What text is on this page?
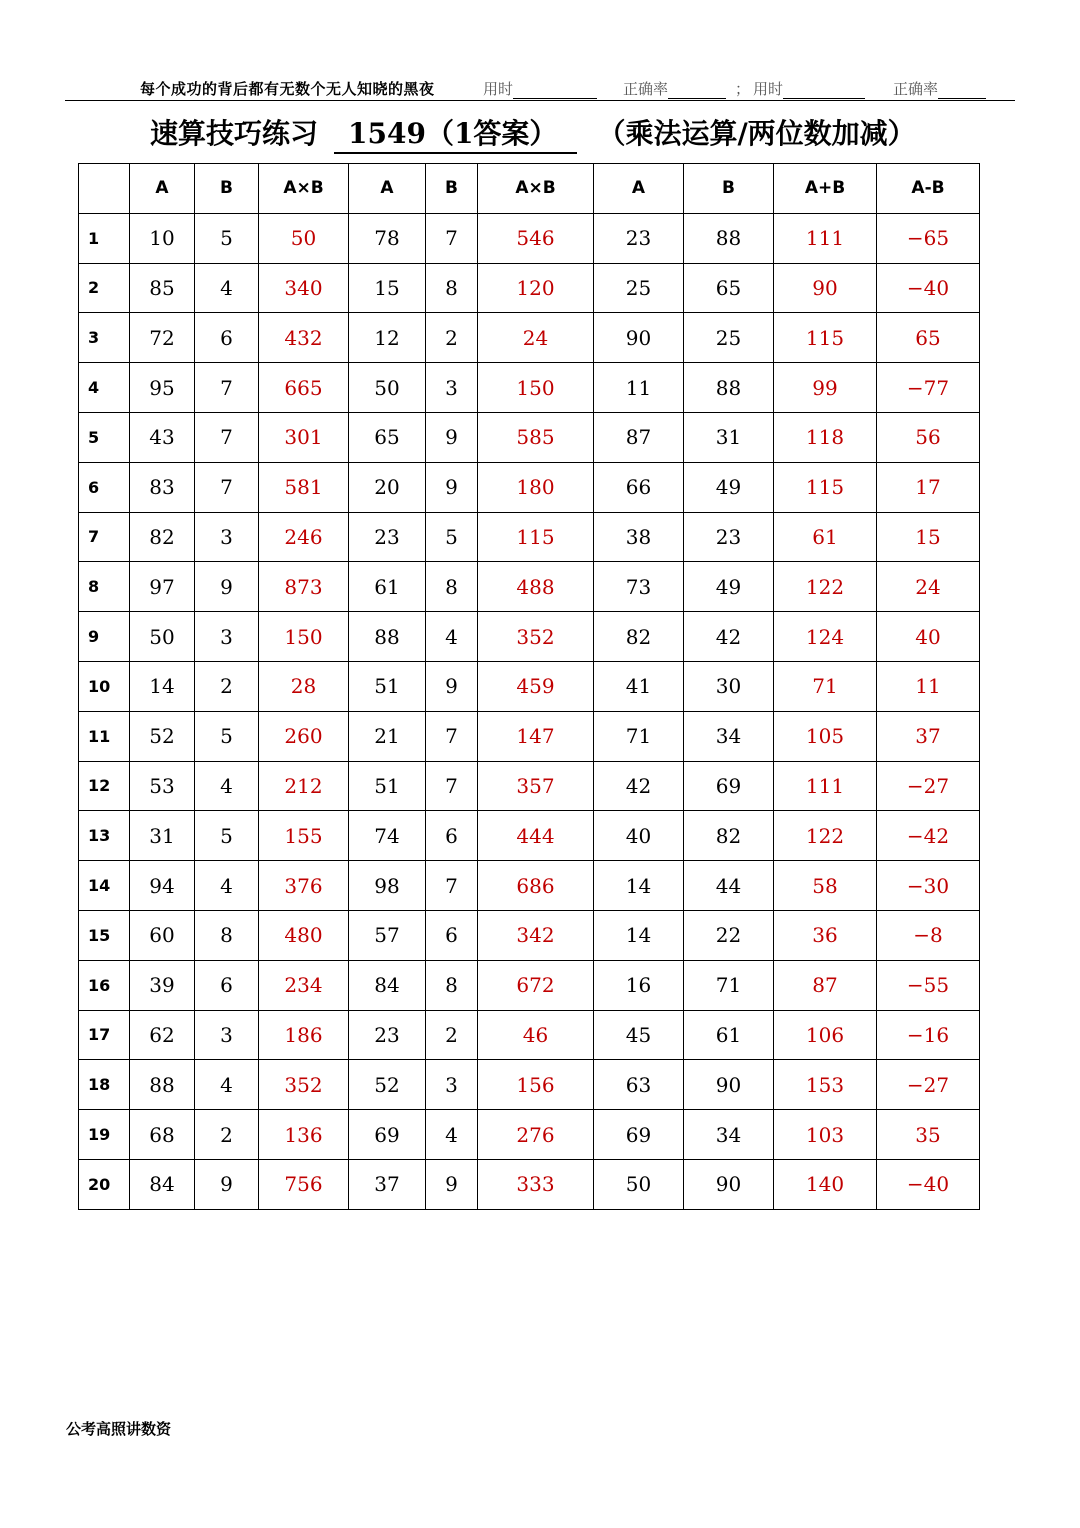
每个成功的背后都有无数个无人知晓的黑夜	用时	正确率	； 用时	正确率
速算技巧练习 1549（1答案） （乘法运算/两位数加减）
	A	B	A×B	A	B	A×B	A	B	A+B	A-B
1	10	5	50	78	7	546	23	88	111	−65
2	85	4	340	15	8	120	25	65	90	−40
3	72	6	432	12	2	24	90	25	115	65
4	95	7	665	50	3	150	11	88	99	−77
5	43	7	301	65	9	585	87	31	118	56
6	83	7	581	20	9	180	66	49	115	17
7	82	3	246	23	5	115	38	23	61	15
8	97	9	873	61	8	488	73	49	122	24
9	50	3	150	88	4	352	82	42	124	40
10	14	2	28	51	9	459	41	30	71	11
11	52	5	260	21	7	147	71	34	105	37
12	53	4	212	51	7	357	42	69	111	−27
13	31	5	155	74	6	444	40	82	122	−42
14	94	4	376	98	7	686	14	44	58	−30
15	60	8	480	57	6	342	14	22	36	−8
16	39	6	234	84	8	672	16	71	87	−55
17	62	3	186	23	2	46	45	61	106	−16
18	88	4	352	52	3	156	63	90	153	−27
19	68	2	136	69	4	276	69	34	103	35
20	84	9	756	37	9	333	50	90	140	−40
公考高照讲数资
